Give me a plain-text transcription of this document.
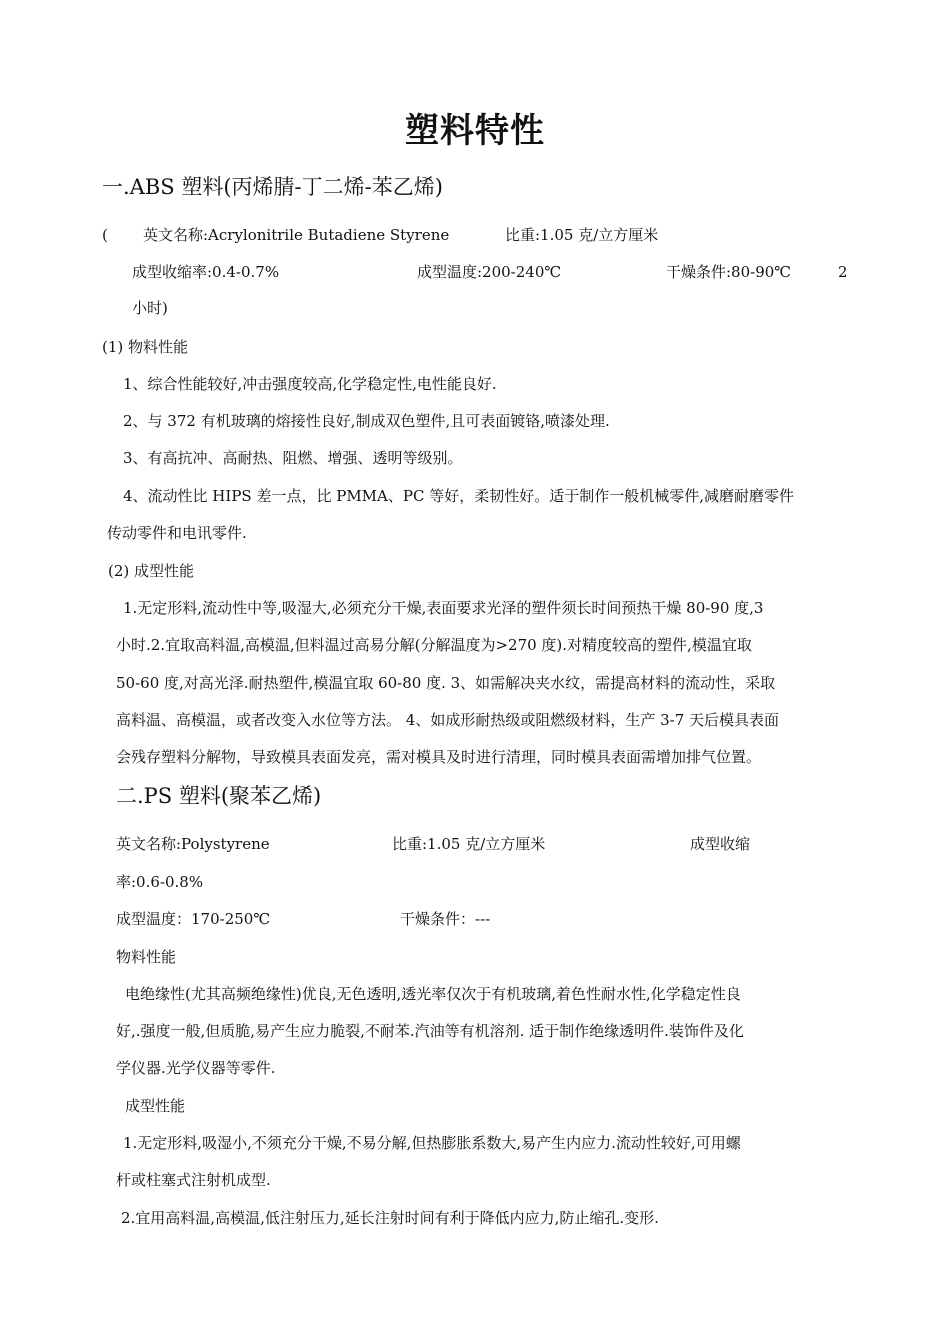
塑料特性
一.ABS 塑料(丙烯腈-丁二烯-苯乙烯)
( 英文名称:Acrylonitrile Butadiene Styrene	比重:1.05 克/立方厘米
成型收缩率:0.4-0.7%	成型温度:200-240℃	干燥条件:80-90℃	2
小时)
(1) 物料性能
1、综合性能较好,冲击强度较高,化学稳定性,电性能良好.
2、与 372 有机玻璃的熔接性良好,制成双色塑件,且可表面镀铬,喷漆处理.
3、有高抗冲、高耐热、阻燃、增强、透明等级别。
4、流动性比 HIPS 差一点，比 PMMA、PC 等好，柔韧性好。适于制作一般机械零件,减磨耐磨零件
传动零件和电讯零件.
(2) 成型性能
1.无定形料,流动性中等,吸湿大,必须充分干燥,表面要求光泽的塑件须长时间预热干燥 80-90 度,3
小时.2.宜取高料温,高模温,但料温过高易分解(分解温度为>270 度).对精度较高的塑件,模温宜取
50-60 度,对高光泽.耐热塑件,模温宜取 60-80 度. 3、如需解决夹水纹，需提高材料的流动性，采取
高料温、高模温，或者改变入水位等方法。 4、如成形耐热级或阻燃级材料，生产 3-7 天后模具表面
会残存塑料分解物，导致模具表面发亮，需对模具及时进行清理，同时模具表面需增加排气位置。
二.PS 塑料(聚苯乙烯)
英文名称:Polystyrene	比重:1.05 克/立方厘米	成型收缩
率:0.6-0.8%
成型温度：170-250℃	干燥条件：---
物料性能
电绝缘性(尤其高频绝缘性)优良,无色透明,透光率仅次于有机玻璃,着色性耐水性,化学稳定性良
好,.强度一般,但质脆,易产生应力脆裂,不耐苯.汽油等有机溶剂. 适于制作绝缘透明件.装饰件及化
学仪器.光学仪器等零件.
成型性能
1.无定形料,吸湿小,不须充分干燥,不易分解,但热膨胀系数大,易产生内应力.流动性较好,可用螺
杆或柱塞式注射机成型.
2.宜用高料温,高模温,低注射压力,延长注射时间有利于降低内应力,防止缩孔.变形.
